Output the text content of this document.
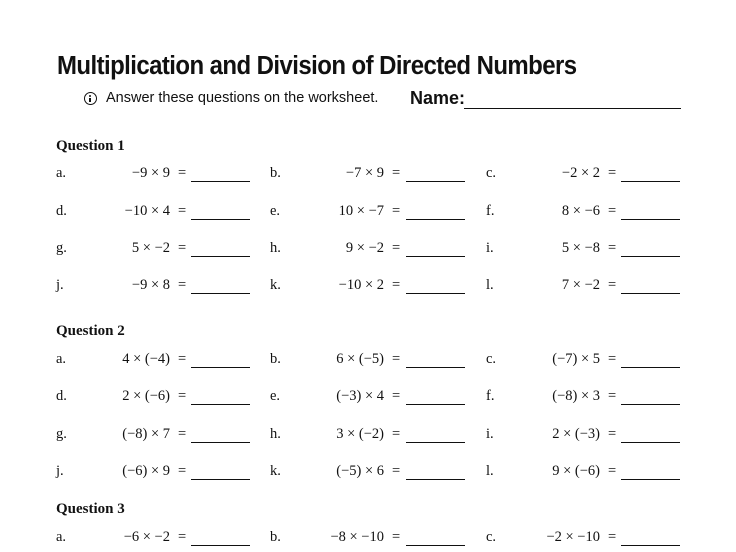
Multiplication and Division of Directed Numbers
Answer these questions on the worksheet. Name:
Question 1
a.	−9 × 9 =	b.	−7 × 9 =	c.	−2 × 2 =
d.	−10 × 4 =	e.	10 × −7 =	f.	8 × −6 =
g.	5 × −2 =	h.	9 × −2 =	i.	5 × −8 =
j.	−9 × 8 =	k.	−10 × 2 =	l.	7 × −2 =
Question 2
a.	4 × (−4) =	b.	6 × (−5) =	c.	(−7) × 5 =
d.	2 × (−6) =	e.	(−3) × 4 =	f.	(−8) × 3 =
g.	(−8) × 7 =	h.	3 × (−2) =	i.	2 × (−3) =
j.	(−6) × 9 =	k.	(−5) × 6 =	l.	9 × (−6) =
Question 3
a.	−6 × −2 =	b.	−8 × −10 =	c.	−2 × −10 =
